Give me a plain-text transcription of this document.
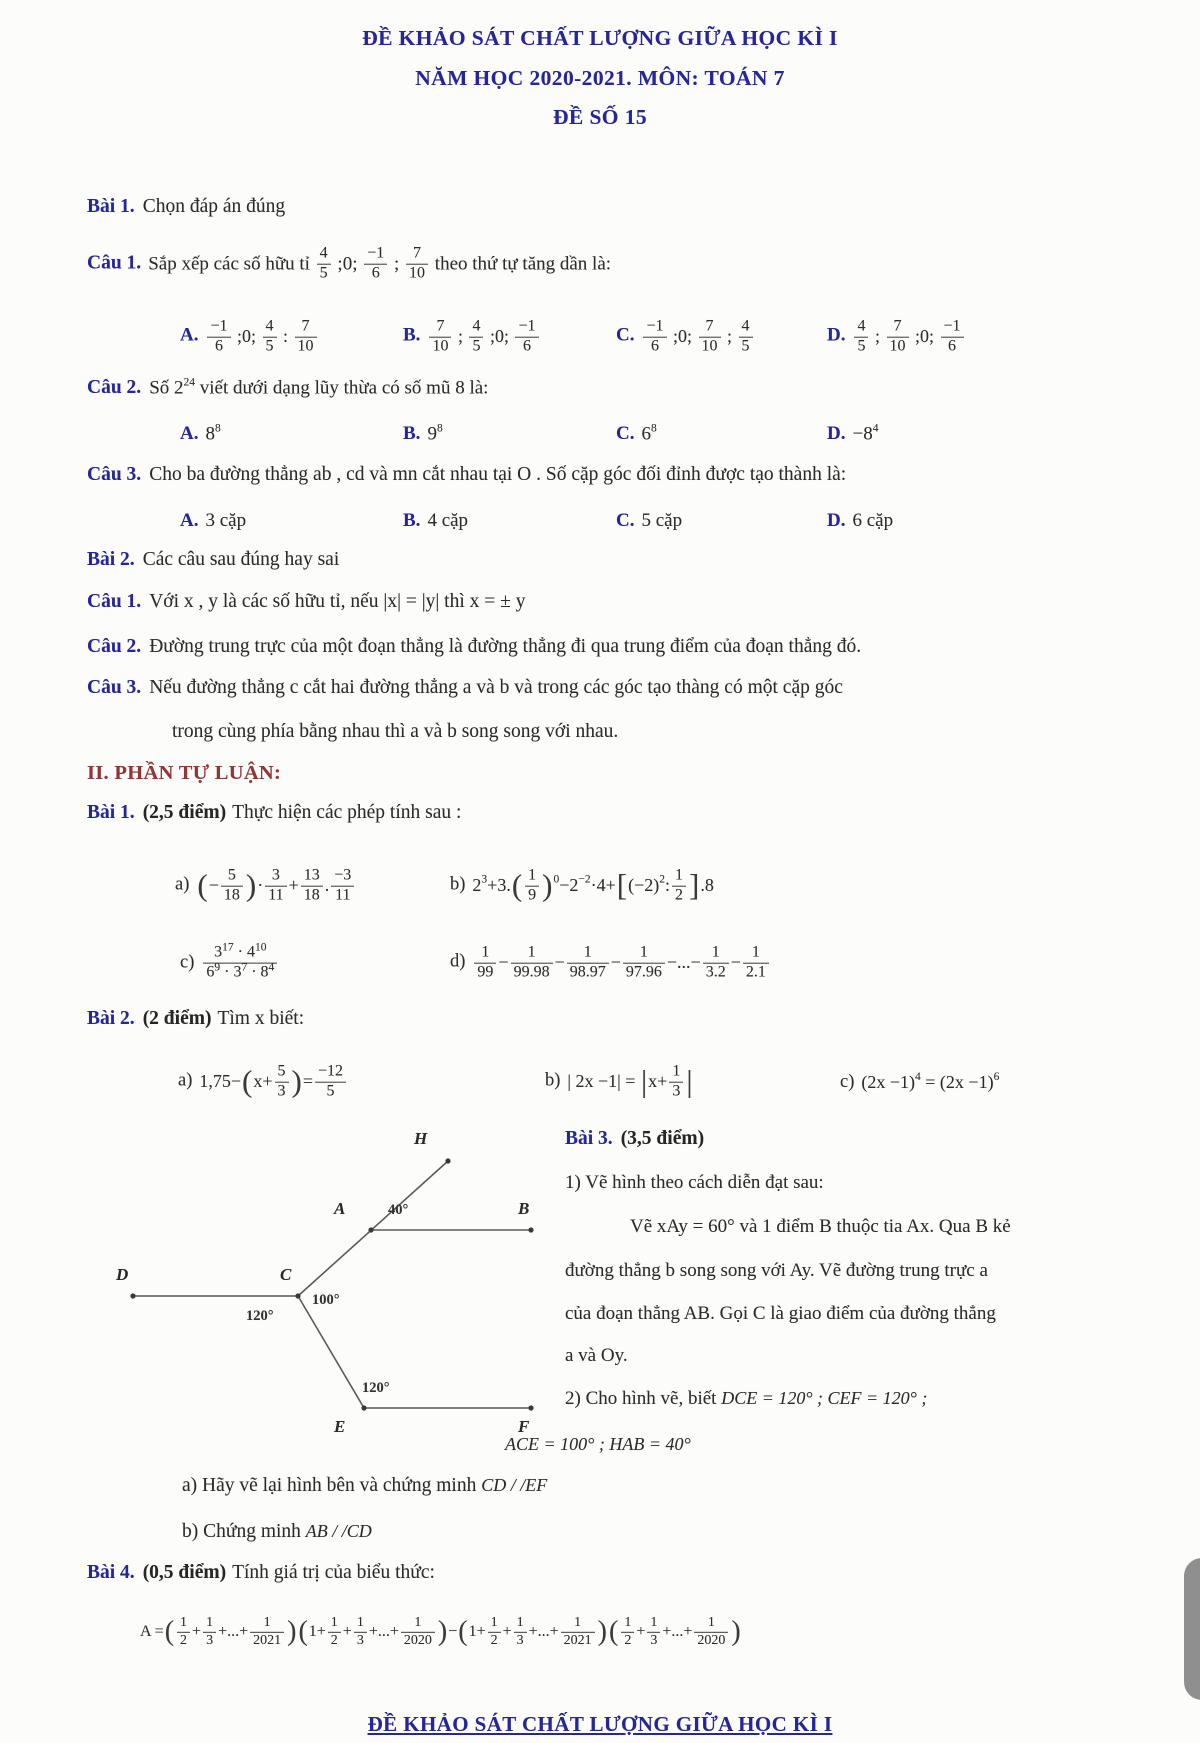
ĐỀ KHẢO SÁT CHẤT LƯỢNG GIỮA HỌC KÌ I
NĂM HỌC 2020-2021. MÔN: TOÁN 7
ĐỀ SỐ 15
Bài 1. Chọn đáp án đúng
Câu 1. Sắp xếp các số hữu tỉ $\frac{4}{5}$ ;0; $\frac{-1}{6}$ ; $\frac{7}{10}$ theo thứ tự tăng dần là:
A. $\frac{-1}{6}$ ;0; $\frac{4}{5}$ : $\frac{7}{10}$	B. $\frac{7}{10}$ ; $\frac{4}{5}$ ;0; $\frac{-1}{6}$	C. $\frac{-1}{6}$ ;0; $\frac{7}{10}$ ; $\frac{4}{5}$	D. $\frac{4}{5}$ ; $\frac{7}{10}$ ;0; $\frac{-1}{6}$
Câu 2. Số $2^{24}$ viết dưới dạng lũy thừa có số mũ 8 là:
A. $8^8$	B. $9^8$	C. $6^8$	D. $-8^4$
Câu 3. Cho ba đường thẳng ab , cd và mn cắt nhau tại O . Số cặp góc đối đỉnh được tạo thành là:
A. 3 cặp	B. 4 cặp	C. 5 cặp	D. 6 cặp
Bài 2. Các câu sau đúng hay sai
Câu 1. Với x , y là các số hữu tỉ, nếu |x| = |y| thì x = ± y
Câu 2. Đường trung trực của một đoạn thẳng là đường thẳng đi qua trung điểm của đoạn thẳng đó.
Câu 3. Nếu đường thẳng c cắt hai đường thẳng a và b và trong các góc tạo thàng có một cặp góc
trong cùng phía bằng nhau thì a và b song song với nhau.
II. PHẦN TỰ LUẬN:
Bài 1. (2,5 điểm) Thực hiện các phép tính sau :
a) (− $\frac{5}{18}$ )· $\frac{3}{11} + \frac{13}{18}$ . $\frac{-3}{11}$	b) $2^3+3.( \frac{1}{9} )^0-2^{-2}\cdot 4+[(-2)^2$: $\frac{1}{2} ].8$
$c) \frac{3^{17} \cdot 4^{10}}{6^9 \cdot 3^7 \cdot 8^4}$	$d) \frac{1}{99} - \frac{1}{99.98} - \frac{1}{98.97} - \frac{1}{97.96}$ −...− $\frac{1}{3.2} - \frac{1}{2.1}$
Bài 2. (2 điểm) Tìm x biết:
a) $1,75-(x+ \frac{5}{3}$ )= $\frac{-12}{5}$	b) | $2x -1| = |x+ \frac{1}{3}$ |	c) $(2x -1)^4 = (2x -1)^6$
H
A	B
D	C
E	F
40°
100°
120°
120°
Bài 3. (3,5 điểm)
1) Vẽ hình theo cách diễn đạt sau:
Vẽ xAy = 60° và 1 điểm B thuộc tia Ax. Qua B kẻ
đường thẳng b song song với Ay. Vẽ đường trung trực a
của đoạn thẳng AB. Gọi C là giao điểm của đường thẳng
a và Oy.
2) Cho hình vẽ, biết DCE = 120° ; CEF = 120° ;
ACE = 100° ; HAB = 40°
a) Hãy vẽ lại hình bên và chứng minh CD / /EF
b) Chứng minh AB / /CD
Bài 4. (0,5 điểm) Tính giá trị của biểu thức:
A =( $\frac{1}{2} + \frac{1}{3}$ +...+ $\frac{1}{2021} )(1+ \frac{1}{2} + \frac{1}{3}$ +...+ $\frac{1}{2020} )-(1+ \frac{1}{2} + \frac{1}{3}$ +...+ $\frac{1}{2021}$ )( $\frac{1}{2} + \frac{1}{3}$ +...+ $\frac{1}{2020}$ )
ĐỀ KHẢO SÁT CHẤT LƯỢNG GIỮA HỌC KÌ I
